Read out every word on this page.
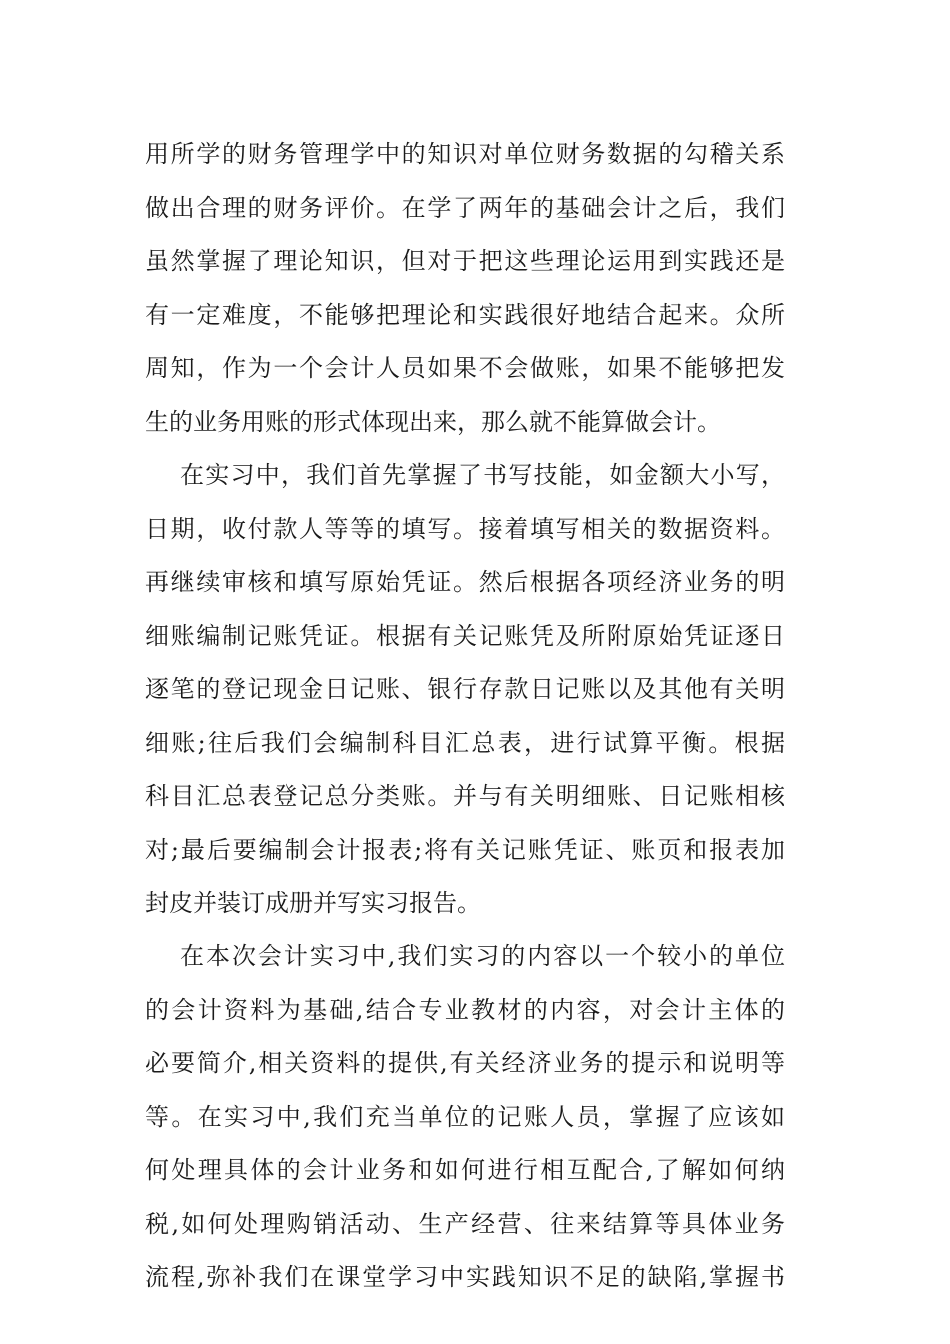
用所学的财务管理学中的知识对单位财务数据的勾稽关系
做出合理的财务评价。在学了两年的基础会计之后，我们
虽然掌握了理论知识，但对于把这些理论运用到实践还是
有一定难度，不能够把理论和实践很好地结合起来。众所
周知，作为一个会计人员如果不会做账，如果不能够把发
生的业务用账的形式体现出来，那么就不能算做会计。
在实习中，我们首先掌握了书写技能，如金额大小写，
日期，收付款人等等的填写。接着填写相关的数据资料。
再继续审核和填写原始凭证。然后根据各项经济业务的明
细账编制记账凭证。根据有关记账凭及所附原始凭证逐日
逐笔的登记现金日记账、银行存款日记账以及其他有关明
细账;往后我们会编制科目汇总表，进行试算平衡。根据
科目汇总表登记总分类账。并与有关明细账、日记账相核
对;最后要编制会计报表;将有关记账凭证、账页和报表加
封皮并装订成册并写实习报告。
在本次会计实习中,我们实习的内容以一个较小的单位
的会计资料为基础,结合专业教材的内容，对会计主体的
必要简介,相关资料的提供,有关经济业务的提示和说明等
等。在实习中,我们充当单位的记账人员，掌握了应该如
何处理具体的会计业务和如何进行相互配合,了解如何纳
税,如何处理购销活动、生产经营、往来结算等具体业务
流程,弥补我们在课堂学习中实践知识不足的缺陷,掌握书
